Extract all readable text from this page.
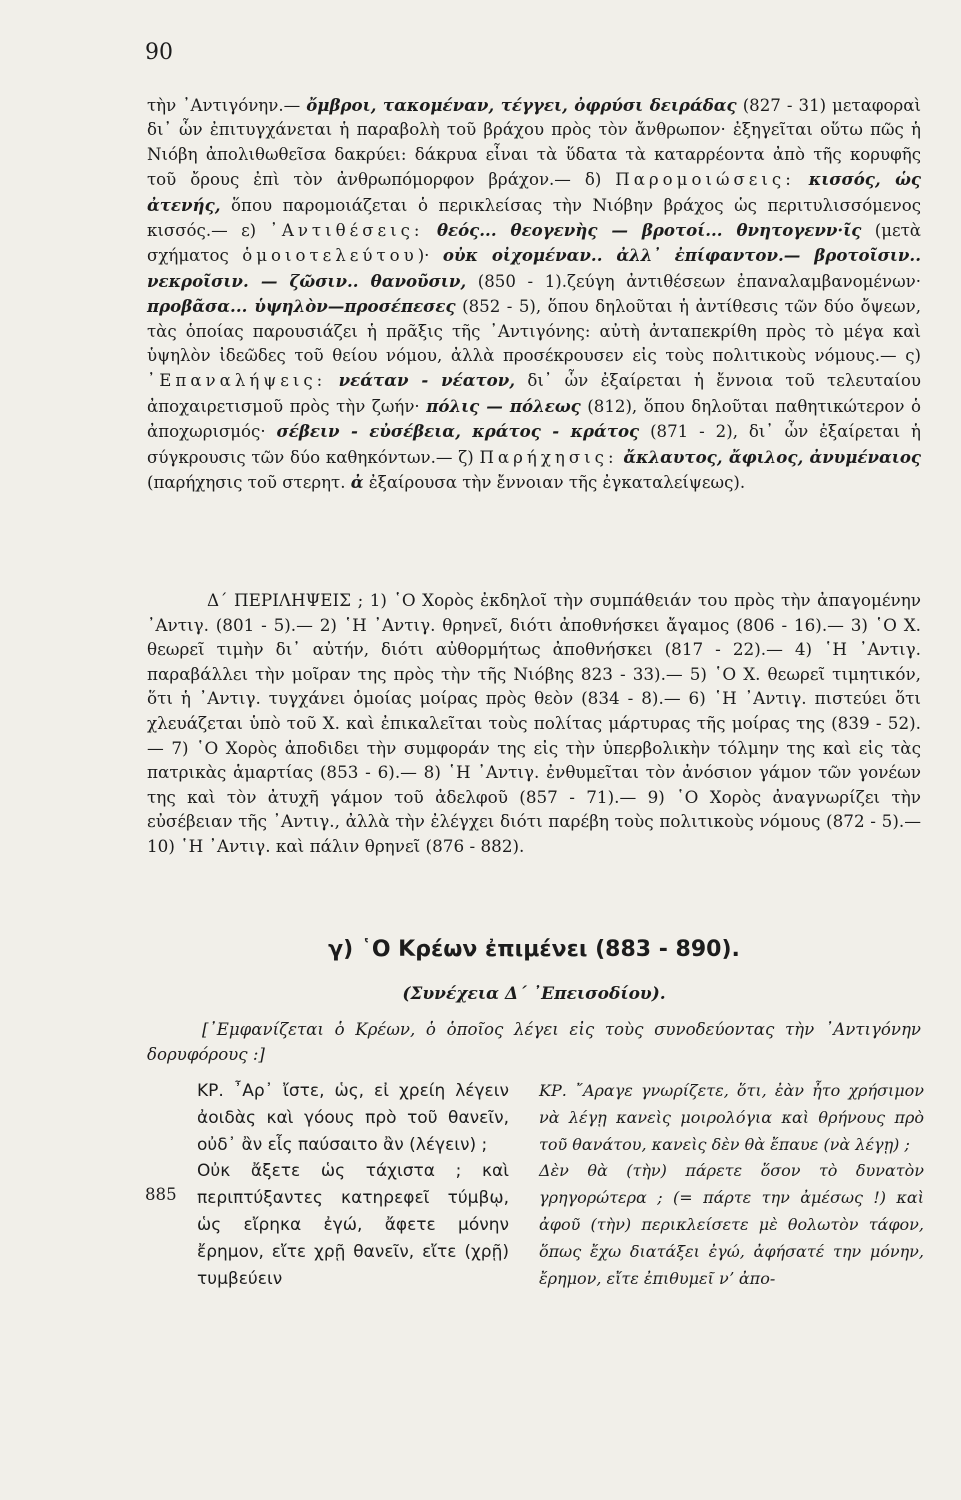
90

τὴν ᾽Αντιγόνην.— ὄμβροι, τακομέναν, τέγγει, ὀφρύσι δειράδας (827 - 31) μεταφοραὶ δι᾽ ὧν ἐπιτυγχάνεται ἡ παραβολὴ τοῦ βράχου πρὸς τὸν ἄνθρωπον· ἐξηγεῖται οὕτω πῶς ἡ Νιόβη ἀπολιθωθεῖσα δακρύει: δάκρυα εἶναι τὰ ὕδατα τὰ καταρρέοντα ἀπὸ τῆς κορυφῆς τοῦ ὄρους ἐπὶ τὸν ἀνθρωπόμορφον βράχον.— δ) Παρομοιώσεις: κισσός, ὡς ἀτενής, ὅπου παρομοιάζεται ὁ περικλείσας τὴν Νιόβην βράχος ὡς περιτυλισσόμενος κισσός.— ε) ᾽Αντιθέσεις: θεός... θεογενὴς — βροτοί... θνητογενν·ῖς (μετὰ σχήματος ὁμοιοτελεύτου)· οὐκ οἰχομέναν.. ἀλλ᾽ ἐπίφαντον.— βροτοῖσιν.. νεκροῖσιν. — ζῶσιν.. θανοῦσιν, (850 - 1).ζεύγη ἀντιθέσεων ἐπαναλαμβανομένων· προβᾶσα... ὑψηλὸν—προσέπεσες (852 - 5), ὅπου δηλοῦται ἡ ἀντίθεσις τῶν δύο ὄψεων, τὰς ὁποίας παρουσιάζει ἡ πρᾶξις τῆς ᾽Αντιγόνης: αὐτὴ ἀνταπεκρίθη πρὸς τὸ μέγα καὶ ὑψηλὸν ἰδεῶδες τοῦ θείου νόμου, ἀλλὰ προσέκρουσεν εἰς τοὺς πολιτικοὺς νόμους.— ς) ᾽Επαναλήψεις: νεάταν - νέατον, δι᾽ ὧν ἐξαίρεται ἡ ἔννοια τοῦ τελευταίου ἀποχαιρετισμοῦ πρὸς τὴν ζωήν· πόλις — πόλεως (812), ὅπου δηλοῦται παθητικώτερον ὁ ἀποχωρισμός· σέβειν - εὐσέβεια, κράτος - κράτος (871 - 2), δι᾽ ὧν ἐξαίρεται ἡ σύγκρουσις τῶν δύο καθηκόντων.— ζ) Παρήχησις: ἄκλαυτος, ἄφιλος, ἀνυμέναιος (παρήχησις τοῦ στερητ. ἀ ἐξαίρουσα τὴν ἔννοιαν τῆς ἐγκαταλείψεως).

Δ´ ΠΕΡΙΛΗΨΕΙΣ ; 1) ῾Ο Χορὸς ἐκδηλοῖ τὴν συμπάθειάν του πρὸς τὴν ἀπαγομένην ᾽Αντιγ. (801 - 5).— 2) ῾Η ᾽Αντιγ. θρηνεῖ, διότι ἀποθνήσκει ἄγαμος (806 - 16).— 3) ῾Ο Χ. θεωρεῖ τιμὴν δι᾽ αὐτήν, διότι αὐθορμήτως ἀποθνήσκει (817 - 22).— 4) ῾Η ᾽Αντιγ. παραβάλλει τὴν μοῖραν της πρὸς τὴν τῆς Νιόβης 823 - 33).— 5) ῾Ο Χ. θεωρεῖ τιμητικόν, ὅτι ἡ ᾽Αντιγ. τυγχάνει ὁμοίας μοίρας πρὸς θεὸν (834 - 8).— 6) ῾Η ᾽Αντιγ. πιστεύει ὅτι χλευάζεται ὑπὸ τοῦ Χ. καὶ ἐπικαλεῖται τοὺς πολίτας μάρτυρας τῆς μοίρας της (839 - 52).— 7) ῾Ο Χορὸς ἀποδιδει τὴν συμφοράν της εἰς τὴν ὑπερβολικὴν τόλμην της καὶ εἰς τὰς πατρικὰς ἁμαρτίας (853 - 6).— 8) ῾Η ᾽Αντιγ. ἐνθυμεῖται τὸν ἀνόσιον γάμον τῶν γονέων της καὶ τὸν ἀτυχῆ γάμον τοῦ ἀδελφοῦ (857 - 71).— 9) ῾Ο Χορὸς ἀναγνωρίζει τὴν εὐσέβειαν τῆς ᾽Αντιγ., ἀλλὰ τὴν ἐλέγχει διότι παρέβη τοὺς πολιτικοὺς νόμους (872 - 5).— 10) ῾Η ᾽Αντιγ. καὶ πάλιν θρηνεῖ (876 - 882).

γ) ῾Ο Κρέων ἐπιμένει (883 - 890).
(Συνέχεια Δ´ ᾽Επεισοδίου).
[᾽Εμφανίζεται ὁ Κρέων, ὁ ὁποῖος λέγει εἰς τοὺς συνοδεύοντας τὴν ᾽Αντιγόνην δορυφόρους :]
885
ΚΡ. ῏Αρ᾽ ἴστε, ὡς, εἰ χρείη λέγειν ἀοιδὰς καὶ γόους πρὸ τοῦ θανεῖν, οὐδ᾽ ἂν εἷς παύσαιτο ἂν (λέγειν) ;
Οὐκ ἄξετε ὡς τάχιστα ; καὶ περιπτύξαντες κατηρεφεῖ τύμβῳ, ὡς εἴρηκα ἐγώ, ἄφετε μόνην ἔρημον, εἴτε χρῇ θανεῖν, εἴτε (χρῇ) τυμβεύειν
ΚΡ. ῎Αραγε γνωρίζετε, ὅτι, ἐὰν ἦτο χρήσιμον νὰ λέγῃ κανεὶς μοιρολόγια καὶ θρήνους πρὸ τοῦ θανάτου, κανεὶς δὲν θὰ ἔπαυε (νὰ λέγῃ) ;
Δὲν θὰ (τὴν) πάρετε ὅσον τὸ δυνατὸν γρηγορώτερα ; (= πάρτε την ἀμέσως !) καὶ ἀφοῦ (τὴν) περικλείσετε μὲ θολωτὸν τάφον, ὅπως ἔχω διατάξει ἐγώ, ἀφήσατέ την μόνην, ἔρημον, εἴτε ἐπιθυμεῖ νʼ ἀπο-
